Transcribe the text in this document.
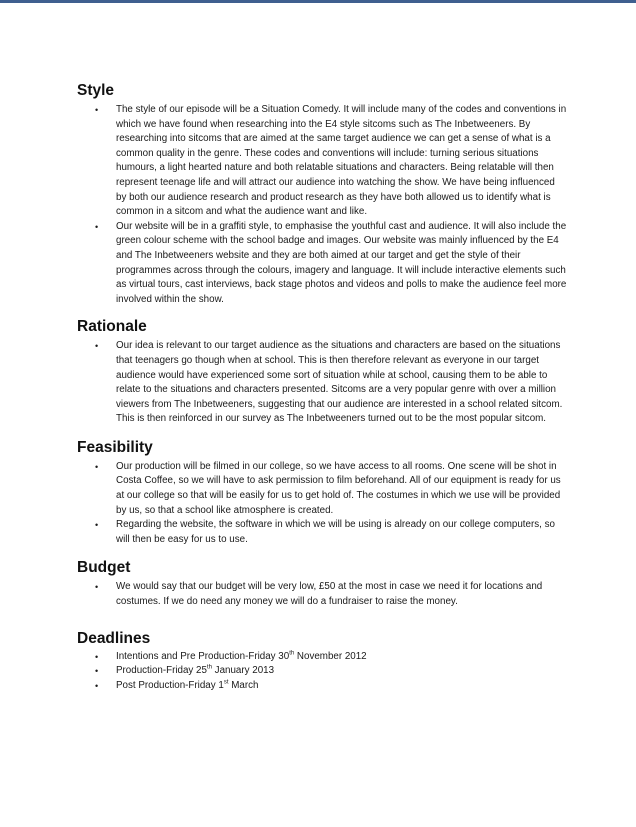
Style
• The style of our episode will be a Situation Comedy. It will include many of the codes and conventions in which we have found when researching into the E4 style sitcoms such as The Inbetweeners. By researching into sitcoms that are aimed at the same target audience we can get a sense of what is a common quality in the genre. These codes and conventions will include: turning serious situations humours, a light hearted nature and both relatable situations and characters. Being relatable will then represent teenage life and will attract our audience into watching the show. We have being influenced by both our audience research and product research as they have both allowed us to identify what is common in a sitcom and what the audience want and like.
• Our website will be in a graffiti style, to emphasise the youthful cast and audience. It will also include the green colour scheme with the school badge and images. Our website was mainly influenced by the E4 and The Inbetweeners website and they are both aimed at our target and get the style of their programmes across through the colours, imagery and language. It will include interactive elements such as virtual tours, cast interviews, back stage photos and videos and polls to make the audience feel more involved within the show.
Rationale
• Our idea is relevant to our target audience as the situations and characters are based on the situations that teenagers go though when at school. This is then therefore relevant as everyone in our target audience would have experienced some sort of situation while at school, causing them to be able to relate to the situations and characters presented. Sitcoms are a very popular genre with over a million viewers from The Inbetweeners, suggesting that our audience are interested in a school related sitcom. This is then reinforced in our survey as The Inbetweeners turned out to be the most popular sitcom.
Feasibility
• Our production will be filmed in our college, so we have access to all rooms. One scene will be shot in Costa Coffee, so we will have to ask permission to film beforehand. All of our equipment is ready for us at our college so that will be easily for us to get hold of. The costumes in which we use will be provided by us, so that a school like atmosphere is created.
• Regarding the website, the software in which we will be using is already on our college computers, so will then be easy for us to use.
Budget
• We would say that our budget will be very low, £50 at the most in case we need it for locations and costumes. If we do need any money we will do a fundraiser to raise the money.
Deadlines
• Intentions and Pre Production-Friday 30th November 2012
• Production-Friday 25th January 2013
• Post Production-Friday 1st March
